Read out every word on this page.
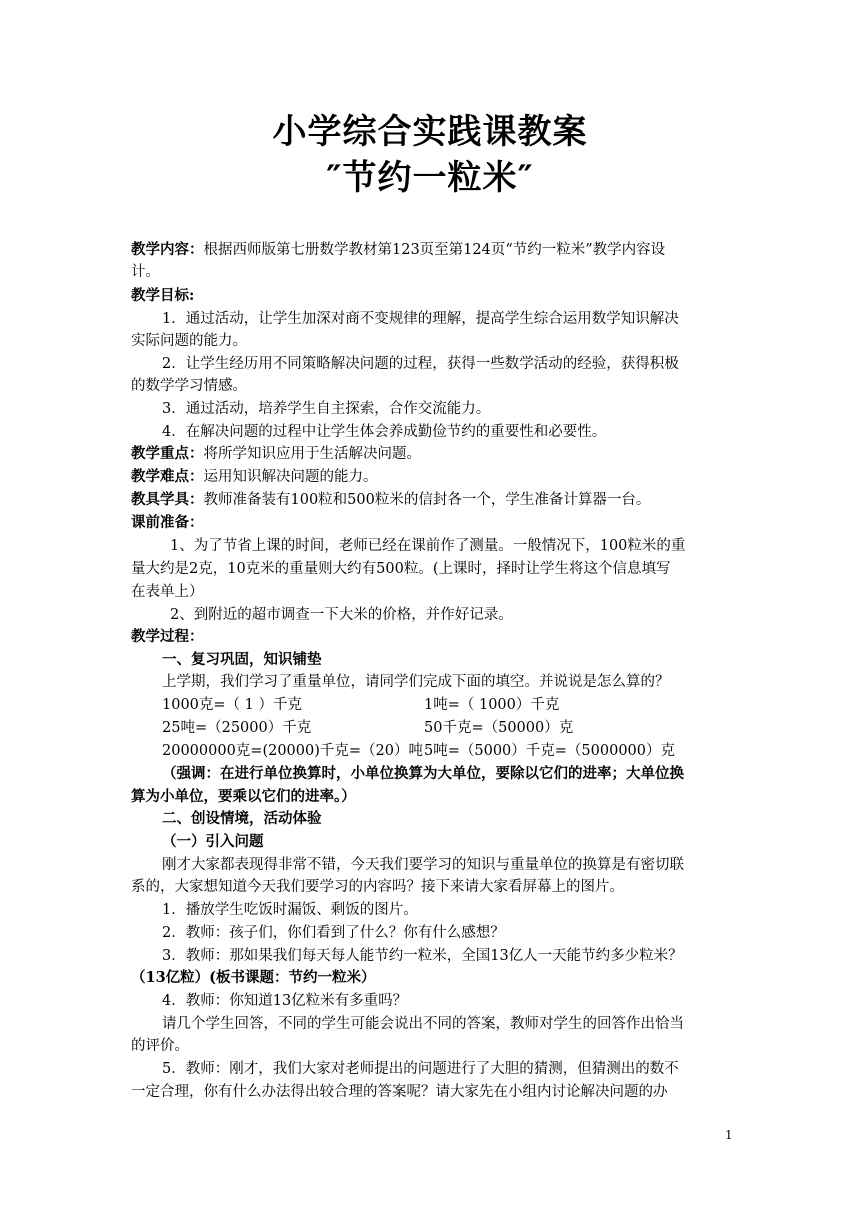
小学综合实践课教案
″节约一粒米″
教学内容：根据西师版第七册数学教材第123页至第124页“节约一粒米”教学内容设
计。
教学目标:
1．通过活动，让学生加深对商不变规律的理解，提高学生综合运用数学知识解决
实际问题的能力。
2．让学生经历用不同策略解决问题的过程，获得一些数学活动的经验，获得积极
的数学学习情感。
3．通过活动，培养学生自主探索，合作交流能力。
4．在解决问题的过程中让学生体会养成勤俭节约的重要性和必要性。
教学重点：将所学知识应用于生活解决问题。
教学难点：运用知识解决问题的能力。
教具学具：教师准备装有100粒和500粒米的信封各一个，学生准备计算器一台。
课前准备：
1、为了节省上课的时间，老师已经在课前作了测量。一般情况下，100粒米的重
量大约是2克，10克米的重量则大约有500粒。(上课时，择时让学生将这个信息填写
在表单上）
2、到附近的超市调查一下大米的价格，并作好记录。
教学过程：
一、复习巩固，知识铺垫
上学期，我们学习了重量单位，请同学们完成下面的填空。并说说是怎么算的？
1000克=（ 1 ）千克	1吨=（ 1000）千克
25吨=（25000）千克	50千克=（50000）克
20000000克=(20000)千克=（20）吨 5吨=（5000）千克=（5000000）克
（强调：在进行单位换算时，小单位换算为大单位，要除以它们的进率；大单位换
算为小单位，要乘以它们的进率。）
二、创设情境，活动体验
（一）引入问题
刚才大家都表现得非常不错，今天我们要学习的知识与重量单位的换算是有密切联
系的，大家想知道今天我们要学习的内容吗？接下来请大家看屏幕上的图片。
1．播放学生吃饭时漏饭、剩饭的图片。
2．教师：孩子们，你们看到了什么？你有什么感想？
3．教师：那如果我们每天每人能节约一粒米，全国13亿人一天能节约多少粒米？
（13亿粒）(板书课题：节约一粒米）
4．教师：你知道13亿粒米有多重吗？
请几个学生回答，不同的学生可能会说出不同的答案，教师对学生的回答作出恰当
的评价。
5．教师：刚才，我们大家对老师提出的问题进行了大胆的猜测，但猜测出的数不
一定合理，你有什么办法得出较合理的答案呢？请大家先在小组内讨论解决问题的办
1
